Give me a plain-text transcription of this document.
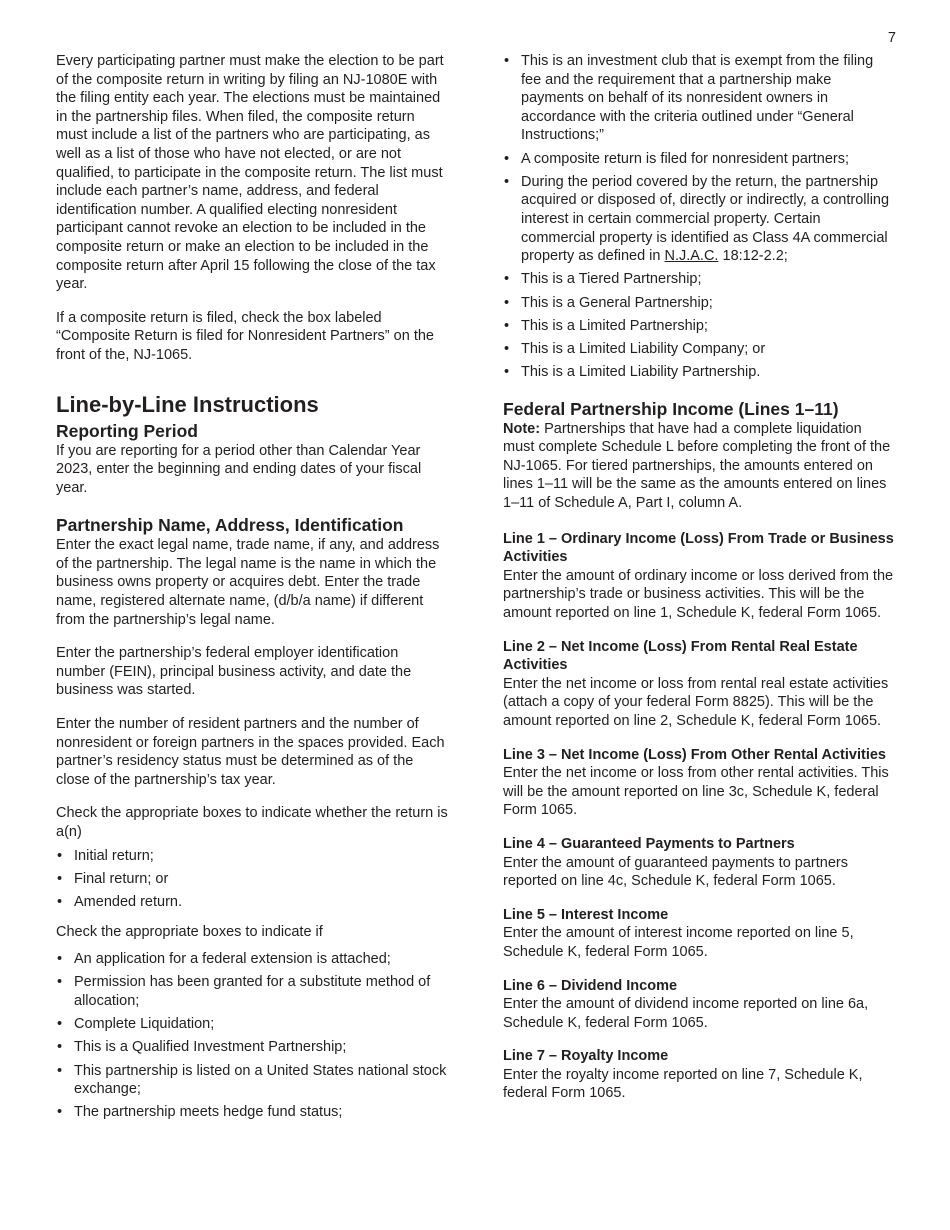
7

Every participating partner must make the election to be part of the composite return in writing by filing an NJ-1080E with the filing entity each year. The elections must be maintained in the partnership files. When filed, the composite return must include a list of the partners who are participating, as well as a list of those who have not elected, or are not qualified, to participate in the composite return. The list must include each partner’s name, address, and federal identification number. A qualified electing nonresident participant cannot revoke an election to be included in the composite return or make an election to be included in the composite return after April 15 following the close of the tax year.

If a composite return is filed, check the box labeled “Composite Return is filed for Nonresident Partners” on the front of the, NJ-1065.

Line-by-Line Instructions
Reporting Period

If you are reporting for a period other than Calendar Year 2023, enter the beginning and ending dates of your fiscal year.

Partnership Name, Address, Identification

Enter the exact legal name, trade name, if any, and address of the partnership. The legal name is the name in which the business owns property or acquires debt. Enter the trade name, registered alternate name, (d/b/a name) if different from the partnership’s legal name.

Enter the partnership’s federal employer identification number (FEIN), principal business activity, and date the business was started.

Enter the number of resident partners and the number of nonresident or foreign partners in the spaces provided. Each partner’s residency status must be determined as of the close of the partnership’s tax year.

Check the appropriate boxes to indicate whether the return is a(n)

• Initial return;
• Final return; or
• Amended return.

Check the appropriate boxes to indicate if

• An application for a federal extension is attached;
• Permission has been granted for a substitute method of allocation;
• Complete Liquidation;
• This is a Qualified Investment Partnership;
• This partnership is listed on a United States national stock exchange;
• The partnership meets hedge fund status;
• This is an investment club that is exempt from the filing fee and the requirement that a partnership make payments on behalf of its nonresident owners in accordance with the criteria outlined under “General Instructions;”
• A composite return is filed for nonresident partners;
• During the period covered by the return, the partnership acquired or disposed of, directly or indirectly, a controlling interest in certain commercial property. Certain commercial property is identified as Class 4A commercial property as defined in N.J.A.C. 18:12-2.2;
• This is a Tiered Partnership;
• This is a General Partnership;
• This is a Limited Partnership;
• This is a Limited Liability Company; or
• This is a Limited Liability Partnership.
Federal Partnership Income (Lines 1–11)

Note: Partnerships that have had a complete liquidation must complete Schedule L before completing the front of the NJ-1065. For tiered partnerships, the amounts entered on lines 1–11 will be the same as the amounts entered on lines 1–11 of Schedule A, Part I, column A.

Line 1 – Ordinary Income (Loss) From Trade or Business Activities

Enter the amount of ordinary income or loss derived from the partnership’s trade or business activities. This will be the amount reported on line 1, Schedule K, federal Form 1065.

Line 2 – Net Income (Loss) From Rental Real Estate Activities

Enter the net income or loss from rental real estate activities (attach a copy of your federal Form 8825). This will be the amount reported on line 2, Schedule K, federal Form 1065.

Line 3 – Net Income (Loss) From Other Rental Activities

Enter the net income or loss from other rental activities. This will be the amount reported on line 3c, Schedule K, federal Form 1065.

Line 4 – Guaranteed Payments to Partners

Enter the amount of guaranteed payments to partners reported on line 4c, Schedule K, federal Form 1065.

Line 5 – Interest Income

Enter the amount of interest income reported on line 5, Schedule K, federal Form 1065.

Line 6 – Dividend Income

Enter the amount of dividend income reported on line 6a, Schedule K, federal Form 1065.

Line 7 – Royalty Income

Enter the royalty income reported on line 7, Schedule K, federal Form 1065.
